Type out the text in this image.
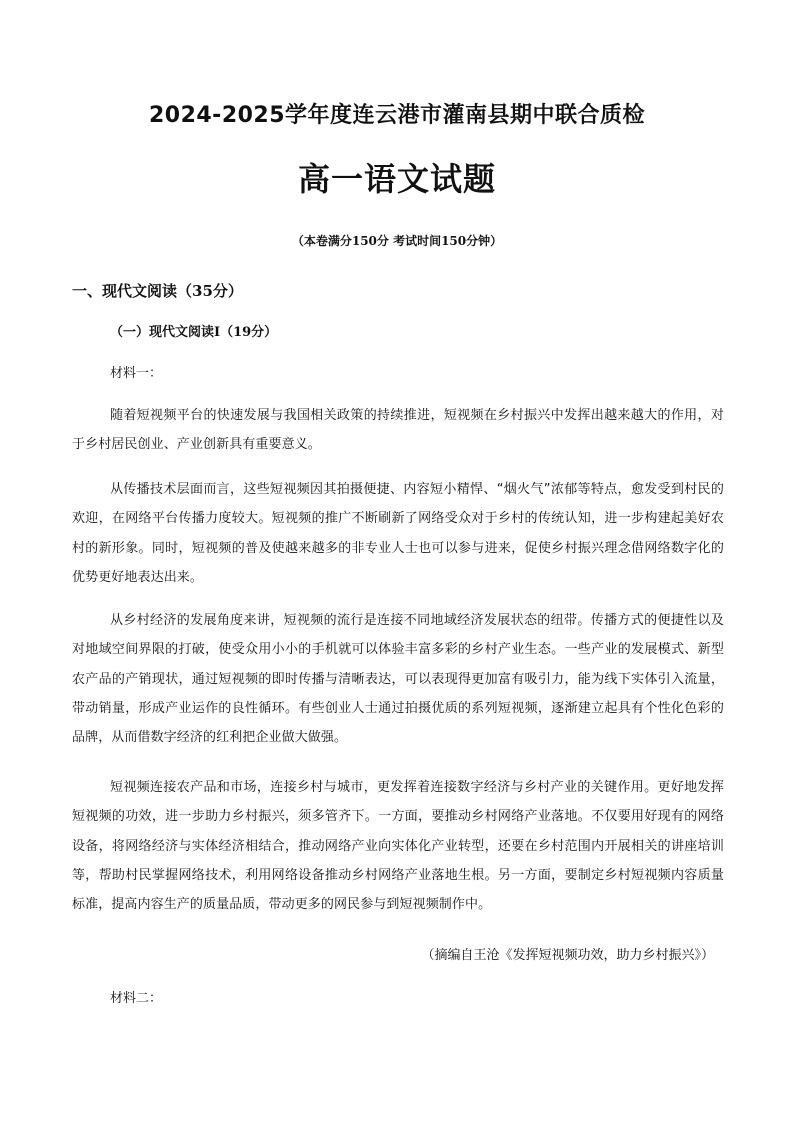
2024-2025学年度连云港市灌南县期中联合质检
高一语文试题
（本卷满分150分 考试时间150分钟）
一、现代文阅读（35分）
（一）现代文阅读Ⅰ（19分）
材料一：

随着短视频平台的快速发展与我国相关政策的持续推进，短视频在乡村振兴中发挥出越来越大的作用，对于乡村居民创业、产业创新具有重要意义。

从传播技术层面而言，这些短视频因其拍摄便捷、内容短小精悍、“烟火气”浓郁等特点，愈发受到村民的欢迎，在网络平台传播力度较大。短视频的推广不断刷新了网络受众对于乡村的传统认知，进一步构建起美好农村的新形象。同时，短视频的普及使越来越多的非专业人士也可以参与进来，促使乡村振兴理念借网络数字化的优势更好地表达出来。

从乡村经济的发展角度来讲，短视频的流行是连接不同地域经济发展状态的纽带。传播方式的便捷性以及对地域空间界限的打破，使受众用小小的手机就可以体验丰富多彩的乡村产业生态。一些产业的发展模式、新型农产品的产销现状，通过短视频的即时传播与清晰表达，可以表现得更加富有吸引力，能为线下实体引入流量，带动销量，形成产业运作的良性循环。有些创业人士通过拍摄优质的系列短视频，逐渐建立起具有个性化色彩的品牌，从而借数字经济的红利把企业做大做强。

短视频连接农产品和市场，连接乡村与城市，更发挥着连接数字经济与乡村产业的关键作用。更好地发挥短视频的功效，进一步助力乡村振兴，须多管齐下。一方面，要推动乡村网络产业落地。不仅要用好现有的网络设备，将网络经济与实体经济相结合，推动网络产业向实体化产业转型，还要在乡村范围内开展相关的讲座培训等，帮助村民掌握网络技术，利用网络设备推动乡村网络产业落地生根。另一方面，要制定乡村短视频内容质量标准，提高内容生产的质量品质，带动更多的网民参与到短视频制作中。

（摘编自王沧《发挥短视频功效，助力乡村振兴》）
材料二：
